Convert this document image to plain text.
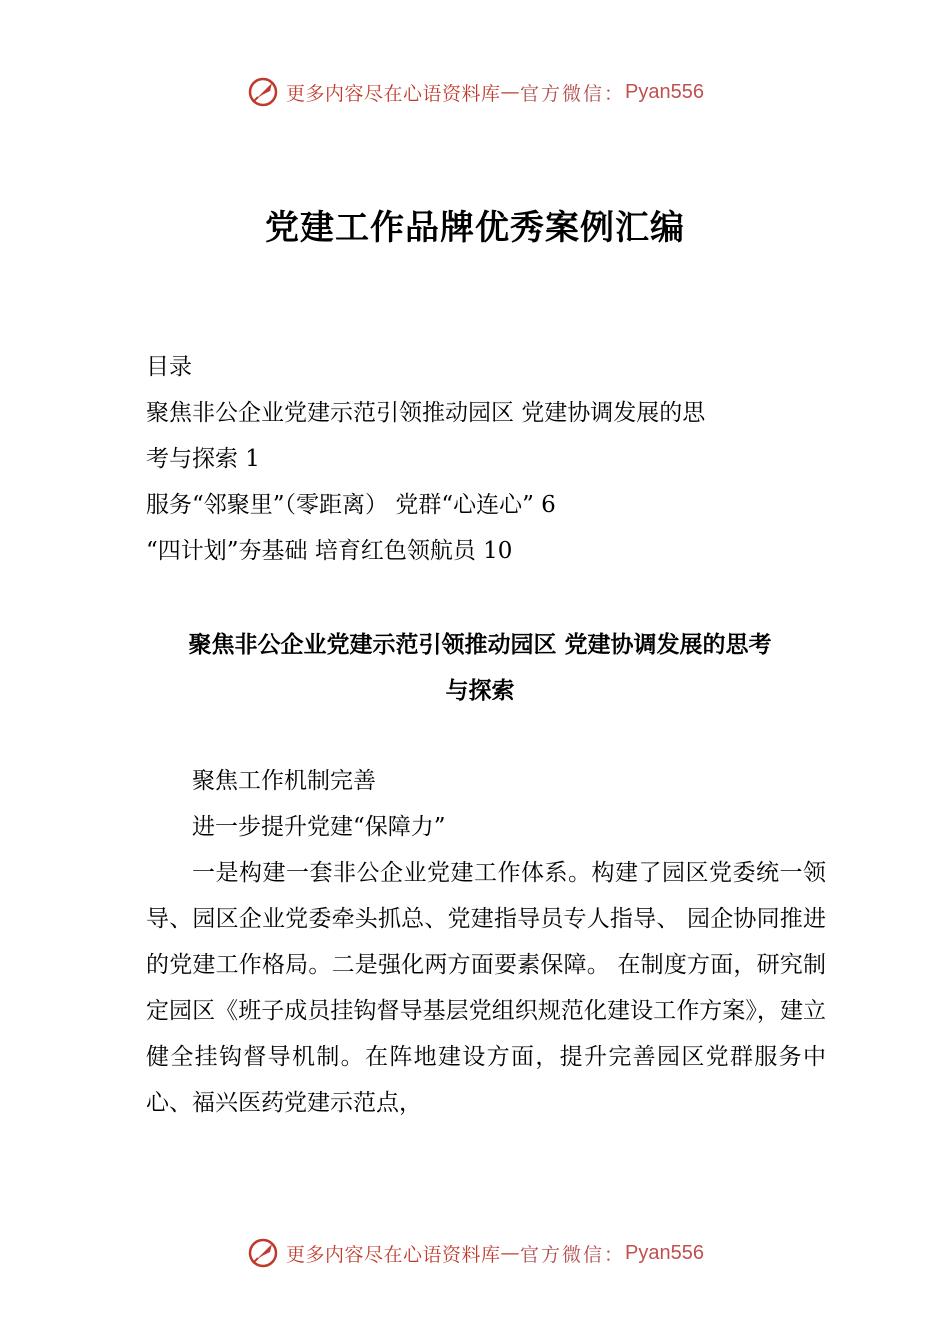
更多内容尽在心语资料库 — 官方微信： Pyan556
党建工作品牌优秀案例汇编
目录
聚焦非公企业党建示范引领推动园区 党建协调发展的思
考与探索 1
服务“邻聚里”（零距离） 党群“心连心” 6
“四计划”夯基础 培育红色领航员 10
聚焦非公企业党建示范引领推动园区 党建协调发展的思考
与探索
聚焦工作机制完善
进一步提升党建“保障力”
一是构建一套非公企业党建工作体系。构建了园区党委统一领导、园区企业党委牵头抓总、党建指导员专人指导、 园企协同推进的党建工作格局。二是强化两方面要素保障。 在制度方面，研究制定园区《班子成员挂钩督导基层党组织规范化建设工作方案》，建立健全挂钩督导机制。在阵地建设方面，提升完善园区党群服务中心、福兴医药党建示范点，
更多内容尽在心语资料库 — 官方微信： Pyan556
